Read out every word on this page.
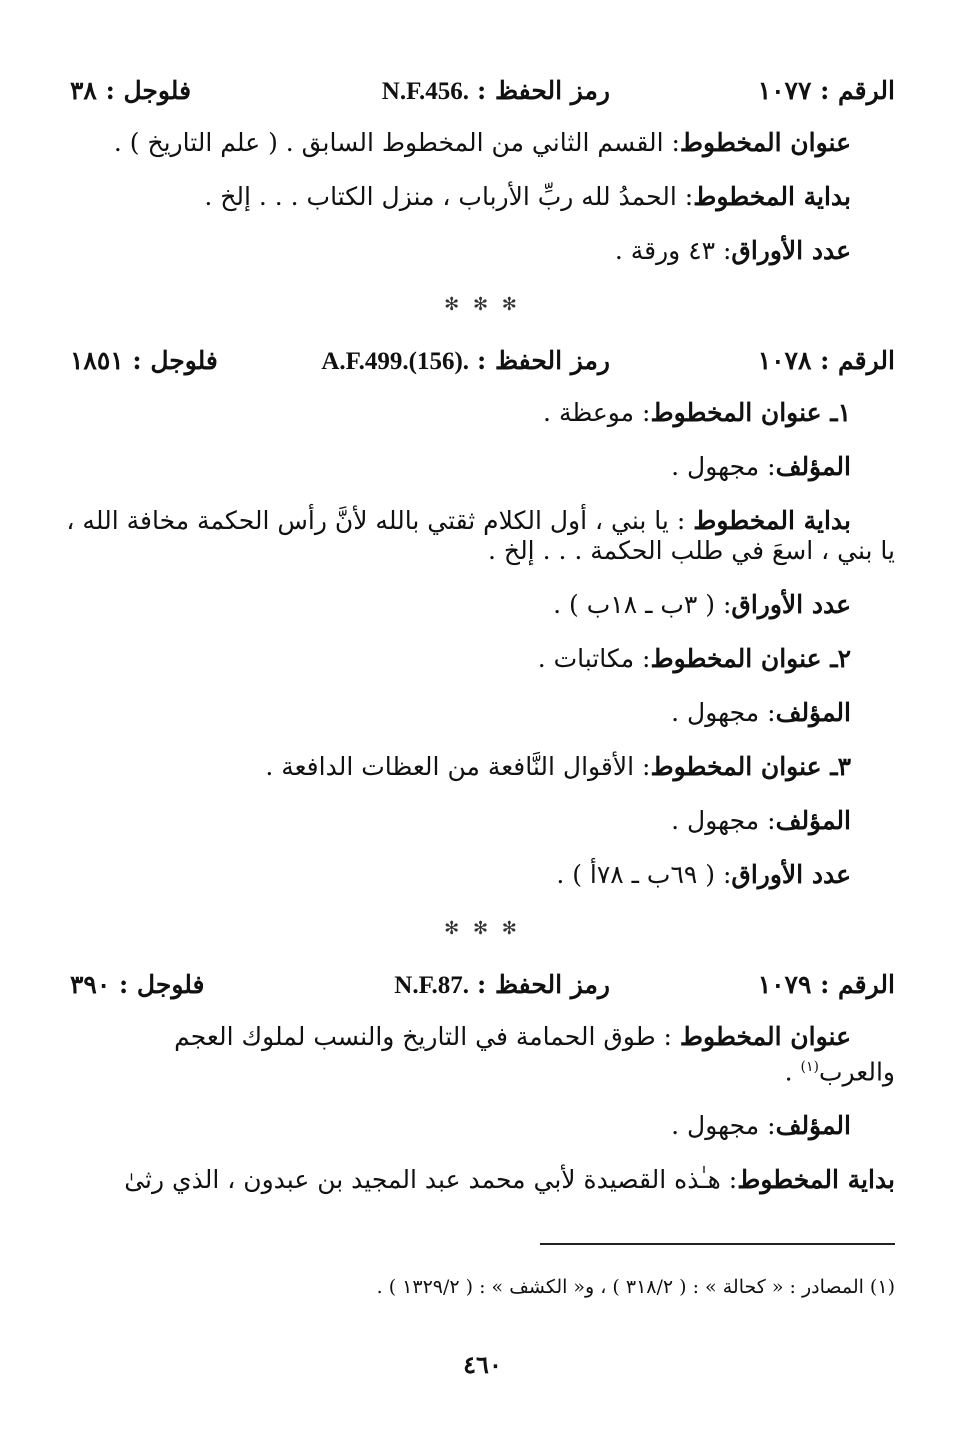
الرقم : ١٠٧٧
رمز الحفظ : N.F.456.
فلوجل : ٣٨
عنوان المخطوط
: القسم الثاني من المخطوط السابق . ( علم التاريخ ) .
بداية المخطوط
: الحمدُ لله ربِّ الأرباب ، منزل الكتاب . . . إلخ .
عدد الأوراق
: ٤٣ ورقة .
✻ ✻ ✻
الرقم : ١٠٧٨
رمز الحفظ : A.F.499.(156).
فلوجل : ١٨٥١
١ـ عنوان المخطوط
: موعظة .
المؤلف
: مجهول .
بداية المخطوط : يا بني ، أول الكلام ثقتي بالله لأنَّ رأس الحكمة مخافة الله ،
يا بني ، اسعَ في طلب الحكمة . . . إلخ .
عدد الأوراق
: ( ٣ب ـ ١٨ب ) .
٢ـ عنوان المخطوط
: مكاتبات .
المؤلف
: مجهول .
٣ـ عنوان المخطوط
: الأقوال النَّافعة من العظات الدافعة .
المؤلف
: مجهول .
عدد الأوراق
: ( ٦٩ب ـ ٧٨أ ) .
✻ ✻ ✻
الرقم : ١٠٧٩
رمز الحفظ : N.F.87.
فلوجل : ٣٩٠
عنوان المخطوط : طوق الحمامة في التاريخ والنسب لملوك العجم
والعرب$^{(١)}$ .
المؤلف
: مجهول .
بداية المخطوط
: هـٰذه القصيدة لأبي محمد عبد المجيد بن عبدون ، الذي رثىٰ
(١) المصادر : « كحالة » : ( ٣١٨/٢ ) ، و« الكشف » : ( ١٣٢٩/٢ ) .
٤٦٠
